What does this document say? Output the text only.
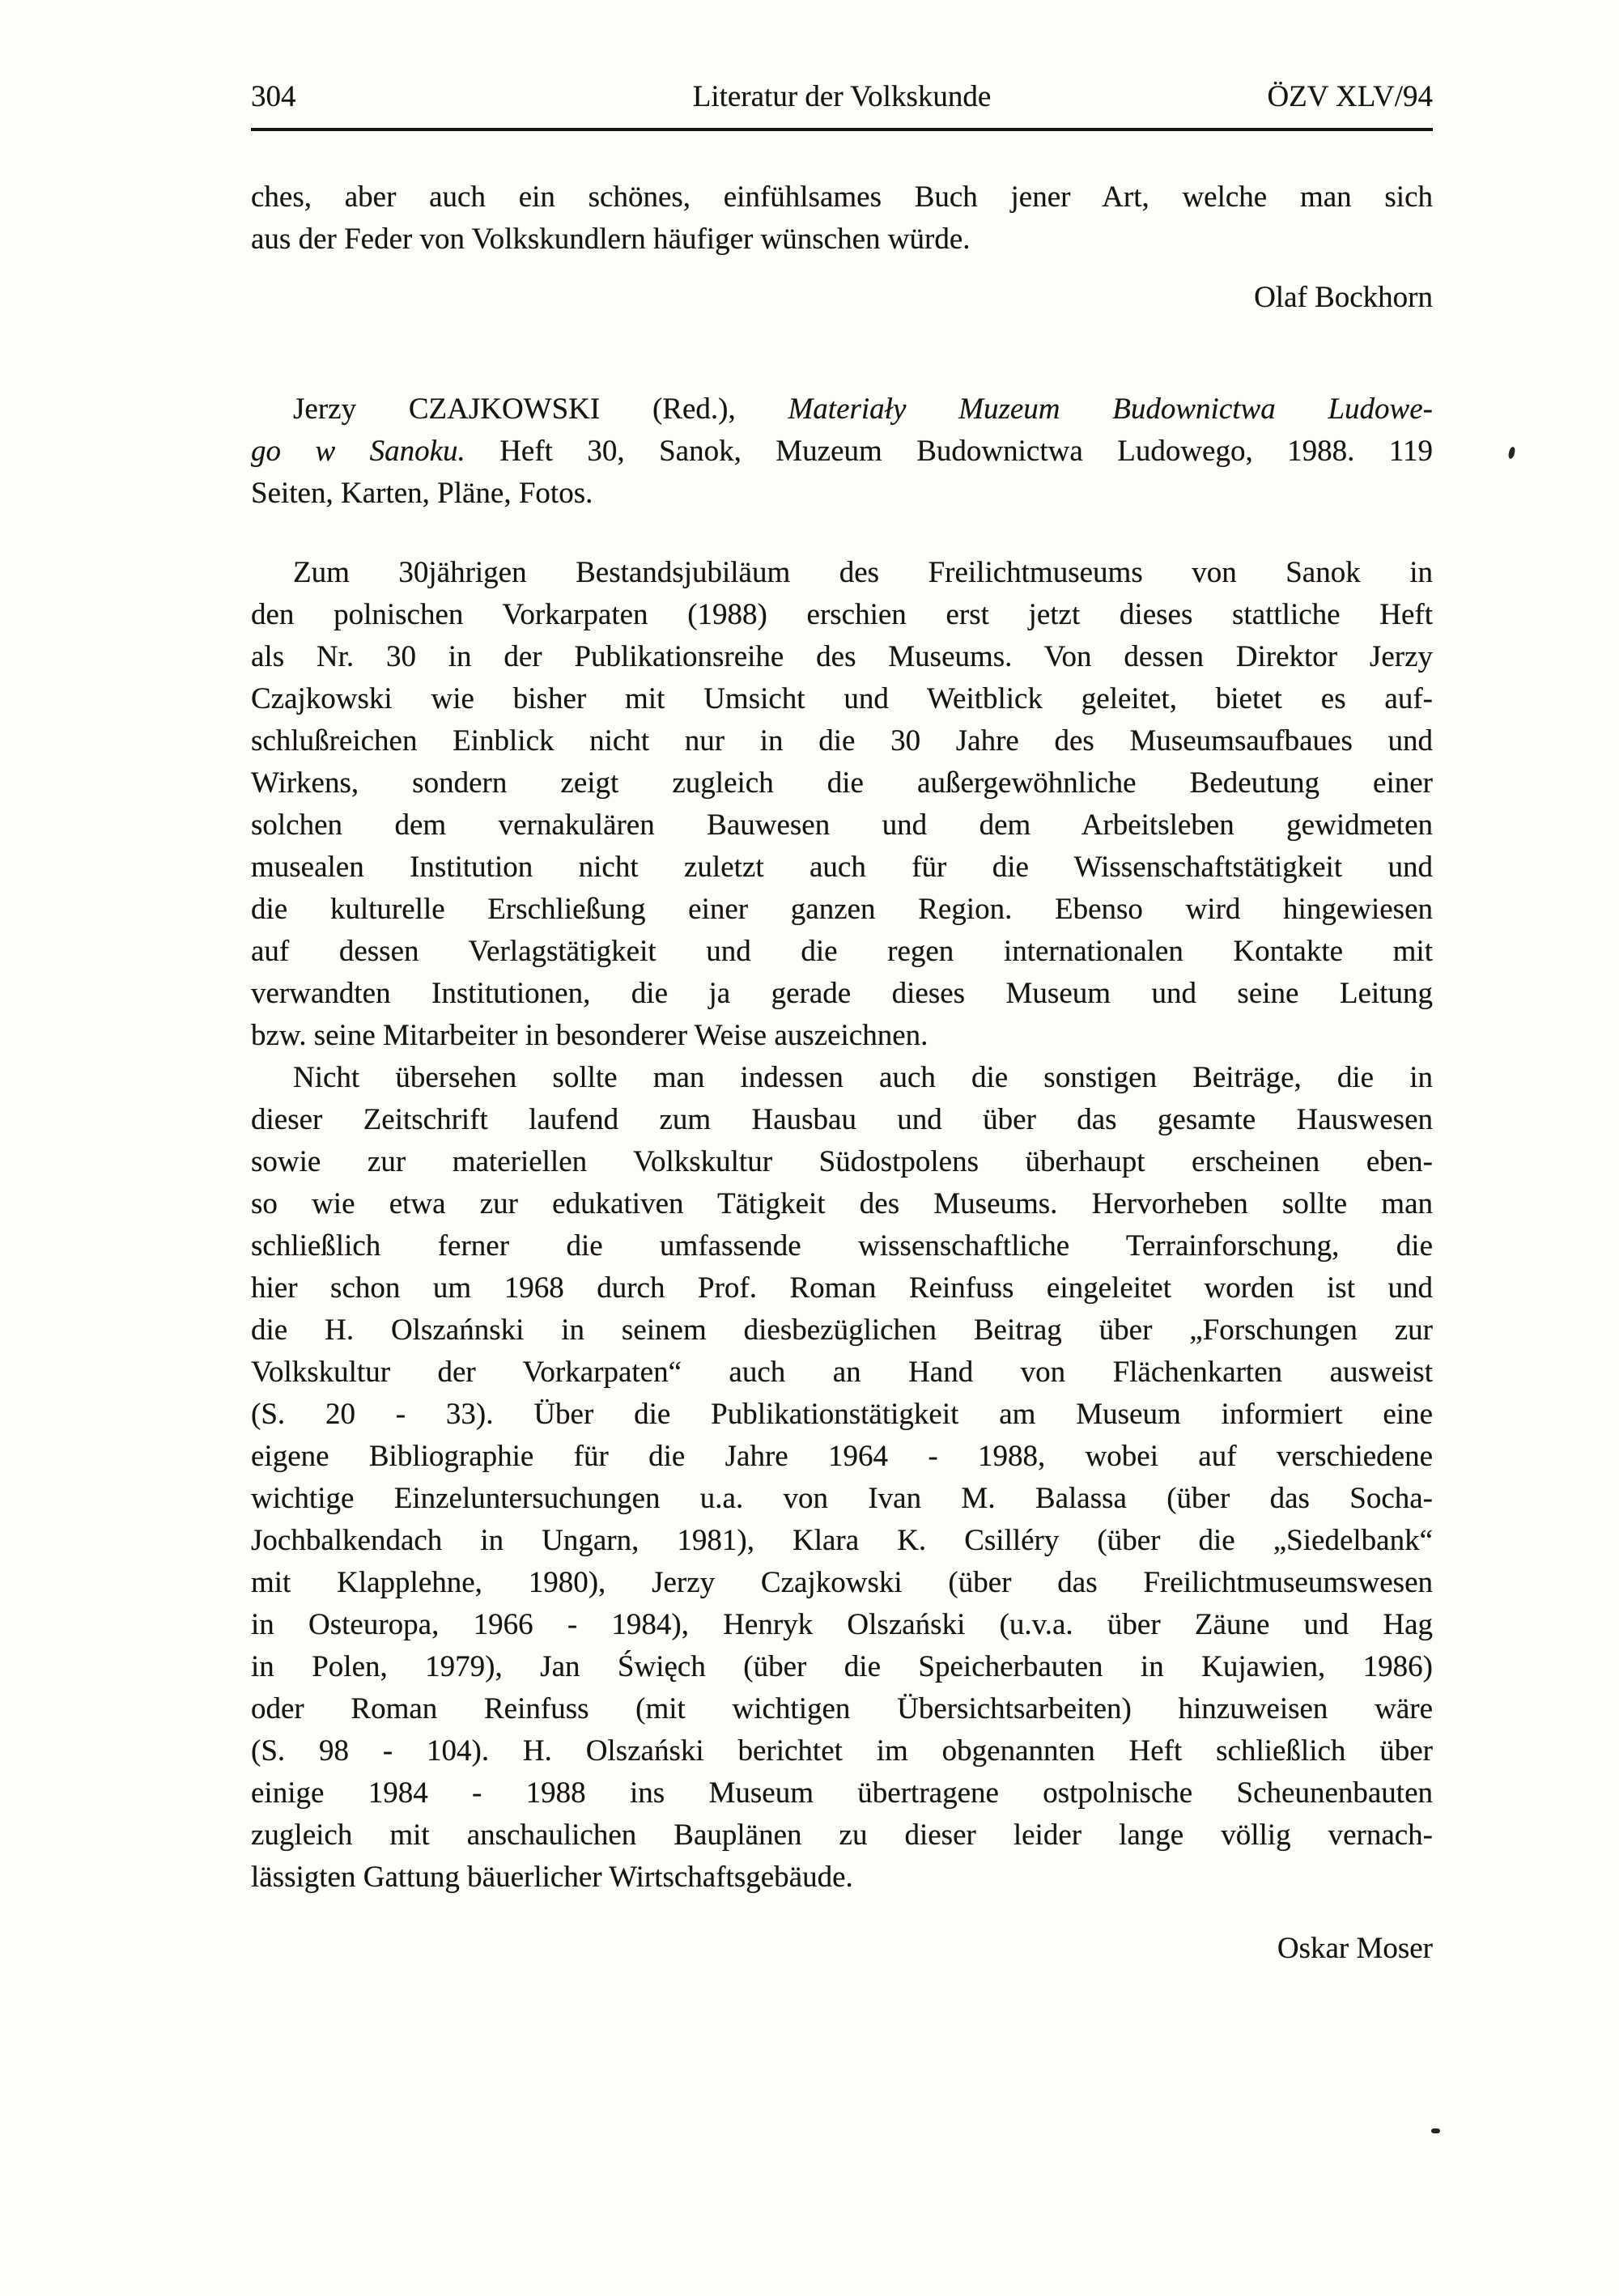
304	Literatur der Volkskunde	ÖZV XLV/94
ches, aber auch ein schönes, einfühlsames Buch jener Art, welche man sich
aus der Feder von Volkskundlern häufiger wünschen würde.
Olaf Bockhorn
Jerzy CZAJKOWSKI (Red.), Materiały Muzeum Budownictwa Ludowe-
go w Sanoku. Heft 30, Sanok, Muzeum Budownictwa Ludowego, 1988. 119
Seiten, Karten, Pläne, Fotos.
Zum 30jährigen Bestandsjubiläum des Freilichtmuseums von Sanok in
den polnischen Vorkarpaten (1988) erschien erst jetzt dieses stattliche Heft
als Nr. 30 in der Publikationsreihe des Museums. Von dessen Direktor Jerzy
Czajkowski wie bisher mit Umsicht und Weitblick geleitet, bietet es auf-
schlußreichen Einblick nicht nur in die 30 Jahre des Museumsaufbaues und
Wirkens, sondern zeigt zugleich die außergewöhnliche Bedeutung einer
solchen dem vernakulären Bauwesen und dem Arbeitsleben gewidmeten
musealen Institution nicht zuletzt auch für die Wissenschaftstätigkeit und
die kulturelle Erschließung einer ganzen Region. Ebenso wird hingewiesen
auf dessen Verlagstätigkeit und die regen internationalen Kontakte mit
verwandten Institutionen, die ja gerade dieses Museum und seine Leitung
bzw. seine Mitarbeiter in besonderer Weise auszeichnen.
Nicht übersehen sollte man indessen auch die sonstigen Beiträge, die in
dieser Zeitschrift laufend zum Hausbau und über das gesamte Hauswesen
sowie zur materiellen Volkskultur Südostpolens überhaupt erscheinen eben-
so wie etwa zur edukativen Tätigkeit des Museums. Hervorheben sollte man
schließlich ferner die umfassende wissenschaftliche Terrainforschung, die
hier schon um 1968 durch Prof. Roman Reinfuss eingeleitet worden ist und
die H. Olszańnski in seinem diesbezüglichen Beitrag über „Forschungen zur
Volkskultur der Vorkarpaten“ auch an Hand von Flächenkarten ausweist
(S. 20 - 33). Über die Publikationstätigkeit am Museum informiert eine
eigene Bibliographie für die Jahre 1964 - 1988, wobei auf verschiedene
wichtige Einzeluntersuchungen u.a. von Ivan M. Balassa (über das Socha-
Jochbalkendach in Ungarn, 1981), Klara K. Csilléry (über die „Siedelbank“
mit Klapplehne, 1980), Jerzy Czajkowski (über das Freilichtmuseumswesen
in Osteuropa, 1966 - 1984), Henryk Olszański (u.v.a. über Zäune und Hag
in Polen, 1979), Jan Święch (über die Speicherbauten in Kujawien, 1986)
oder Roman Reinfuss (mit wichtigen Übersichtsarbeiten) hinzuweisen wäre
(S. 98 - 104). H. Olszański berichtet im obgenannten Heft schließlich über
einige 1984 - 1988 ins Museum übertragene ostpolnische Scheunenbauten
zugleich mit anschaulichen Bauplänen zu dieser leider lange völlig vernach-
lässigten Gattung bäuerlicher Wirtschaftsgebäude.
Oskar Moser
